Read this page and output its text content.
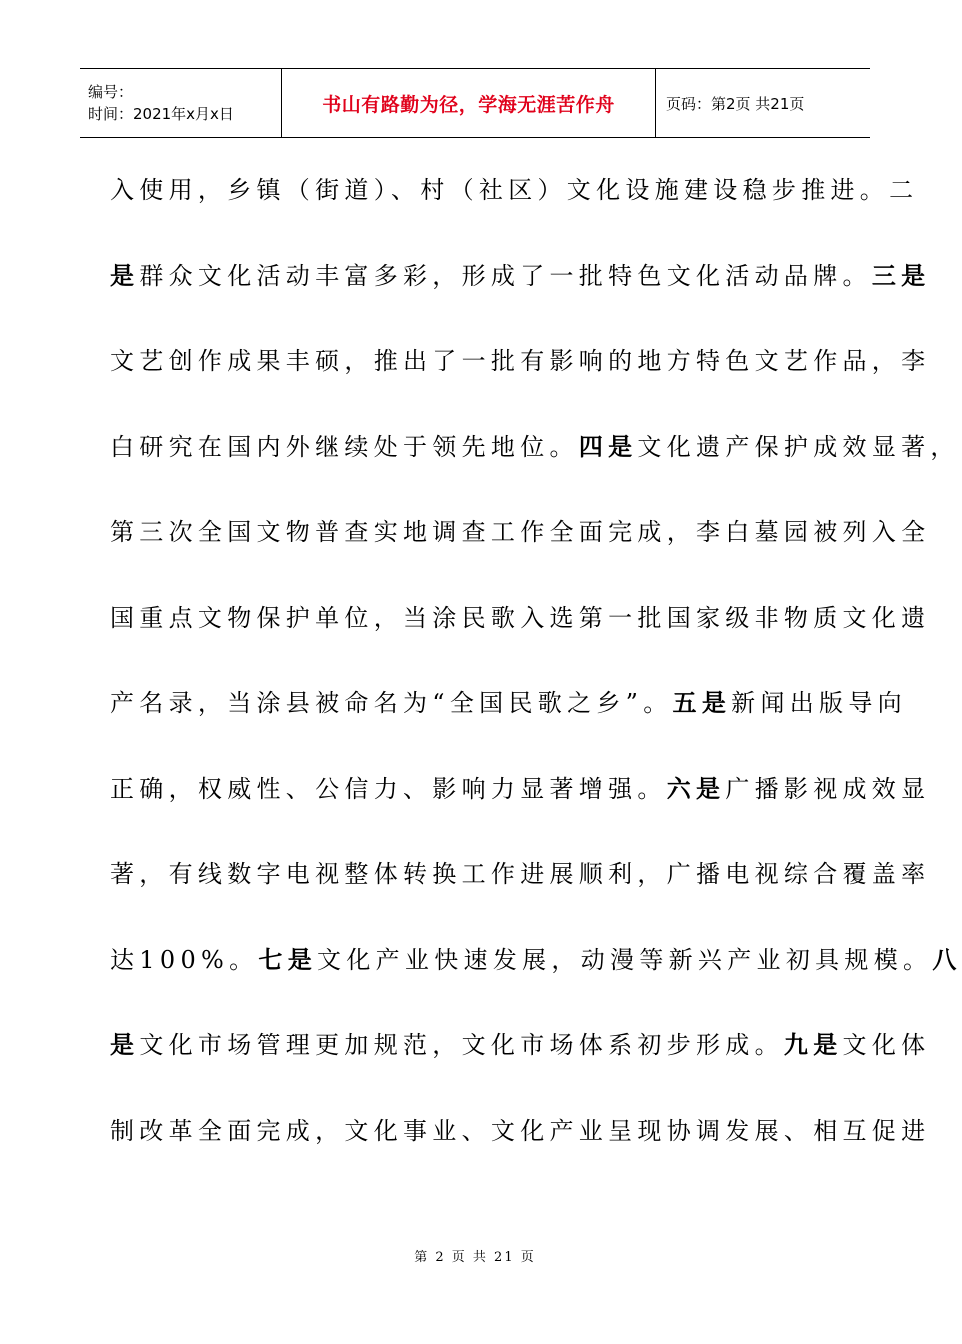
编号：
时间：2021年x月x日	书山有路勤为径，学海无涯苦作舟	页码：第2页 共21页
入使用，乡镇（街道）、村（社区）文化设施建设稳步推进。二
是群众文化活动丰富多彩，形成了一批特色文化活动品牌。三是
文艺创作成果丰硕，推出了一批有影响的地方特色文艺作品，李
白研究在国内外继续处于领先地位。四是文化遗产保护成效显著，
第三次全国文物普查实地调查工作全面完成，李白墓园被列入全
国重点文物保护单位，当涂民歌入选第一批国家级非物质文化遗
产名录，当涂县被命名为“全国民歌之乡”。五是新闻出版导向
正确，权威性、公信力、影响力显著增强。六是广播影视成效显
著，有线数字电视整体转换工作进展顺利，广播电视综合覆盖率
达100%。七是文化产业快速发展，动漫等新兴产业初具规模。八
是文化市场管理更加规范，文化市场体系初步形成。九是文化体
制改革全面完成，文化事业、文化产业呈现协调发展、相互促进
第 2 页 共 21 页
